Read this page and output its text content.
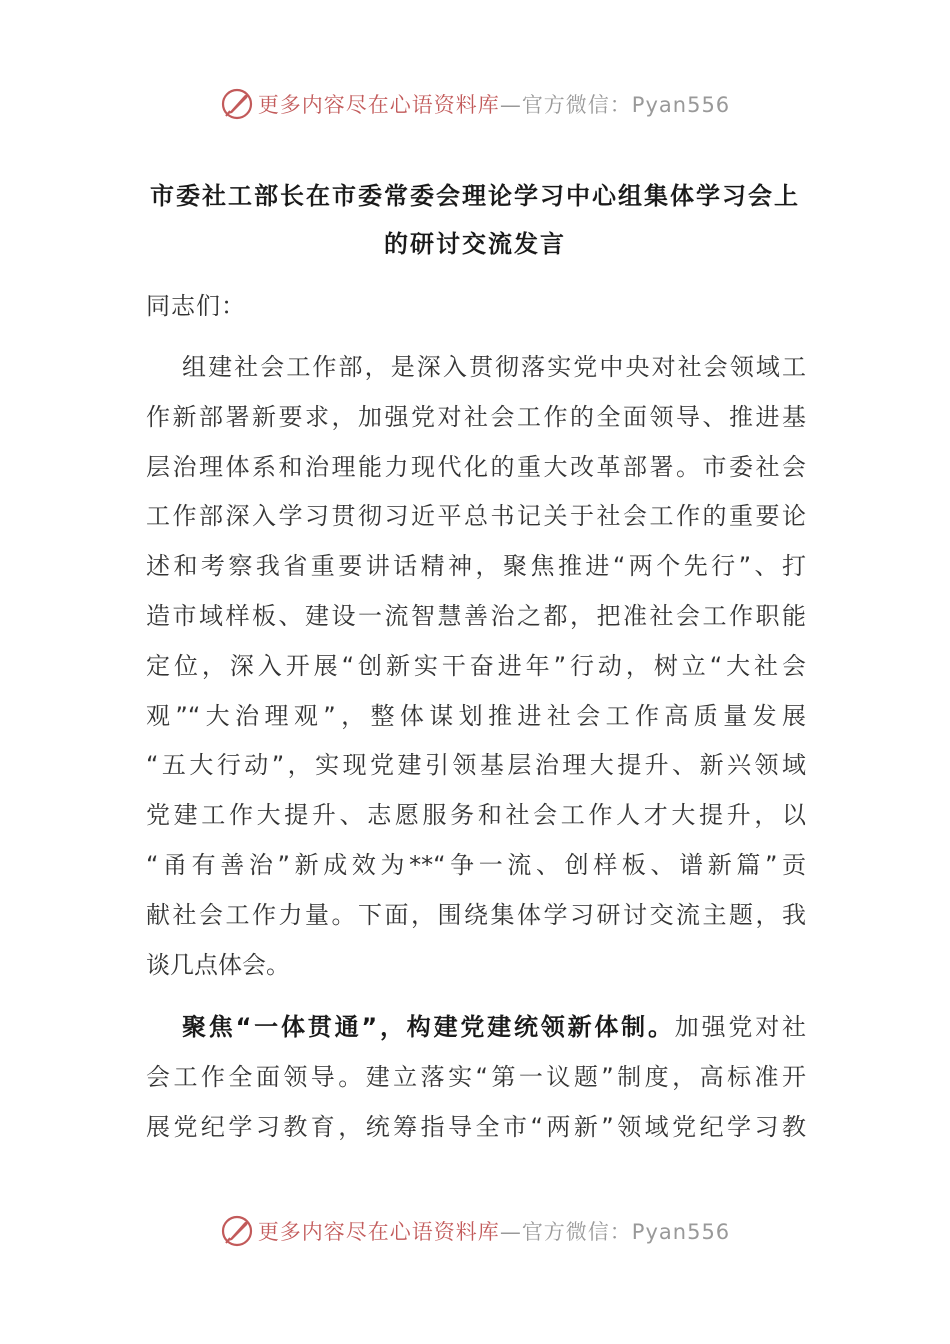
更多内容尽在心语资料库 —官方微信：Pyan556
市委社工部长在市委常委会理论学习中心组集体学习会上
的研讨交流发言
同志们：
组建社会工作部，是深入贯彻落实党中央对社会领域工
作新部署新要求，加强党对社会工作的全面领导、推进基
层治理体系和治理能力现代化的重大改革部署。市委社会
工作部深入学习贯彻习近平总书记关于社会工作的重要论
述和考察我省重要讲话精神，聚焦推进“两个先行”、打
造市域样板、建设一流智慧善治之都，把准社会工作职能
定位，深入开展“创新实干奋进年”行动，树立“大社会
观”“大治理观”，整体谋划推进社会工作高质量发展
“五大行动”，实现党建引领基层治理大提升、新兴领域
党建工作大提升、志愿服务和社会工作人才大提升，以
“甬有善治”新成效为**“争一流、创样板、谱新篇”贡
献社会工作力量。下面，围绕集体学习研讨交流主题，我
谈几点体会。
聚焦“一体贯通”，构建党建统领新体制。加强党对社
会工作全面领导。建立落实“第一议题”制度，高标准开
展党纪学习教育，统筹指导全市“两新”领域党纪学习教
更多内容尽在心语资料库 —官方微信：Pyan556
